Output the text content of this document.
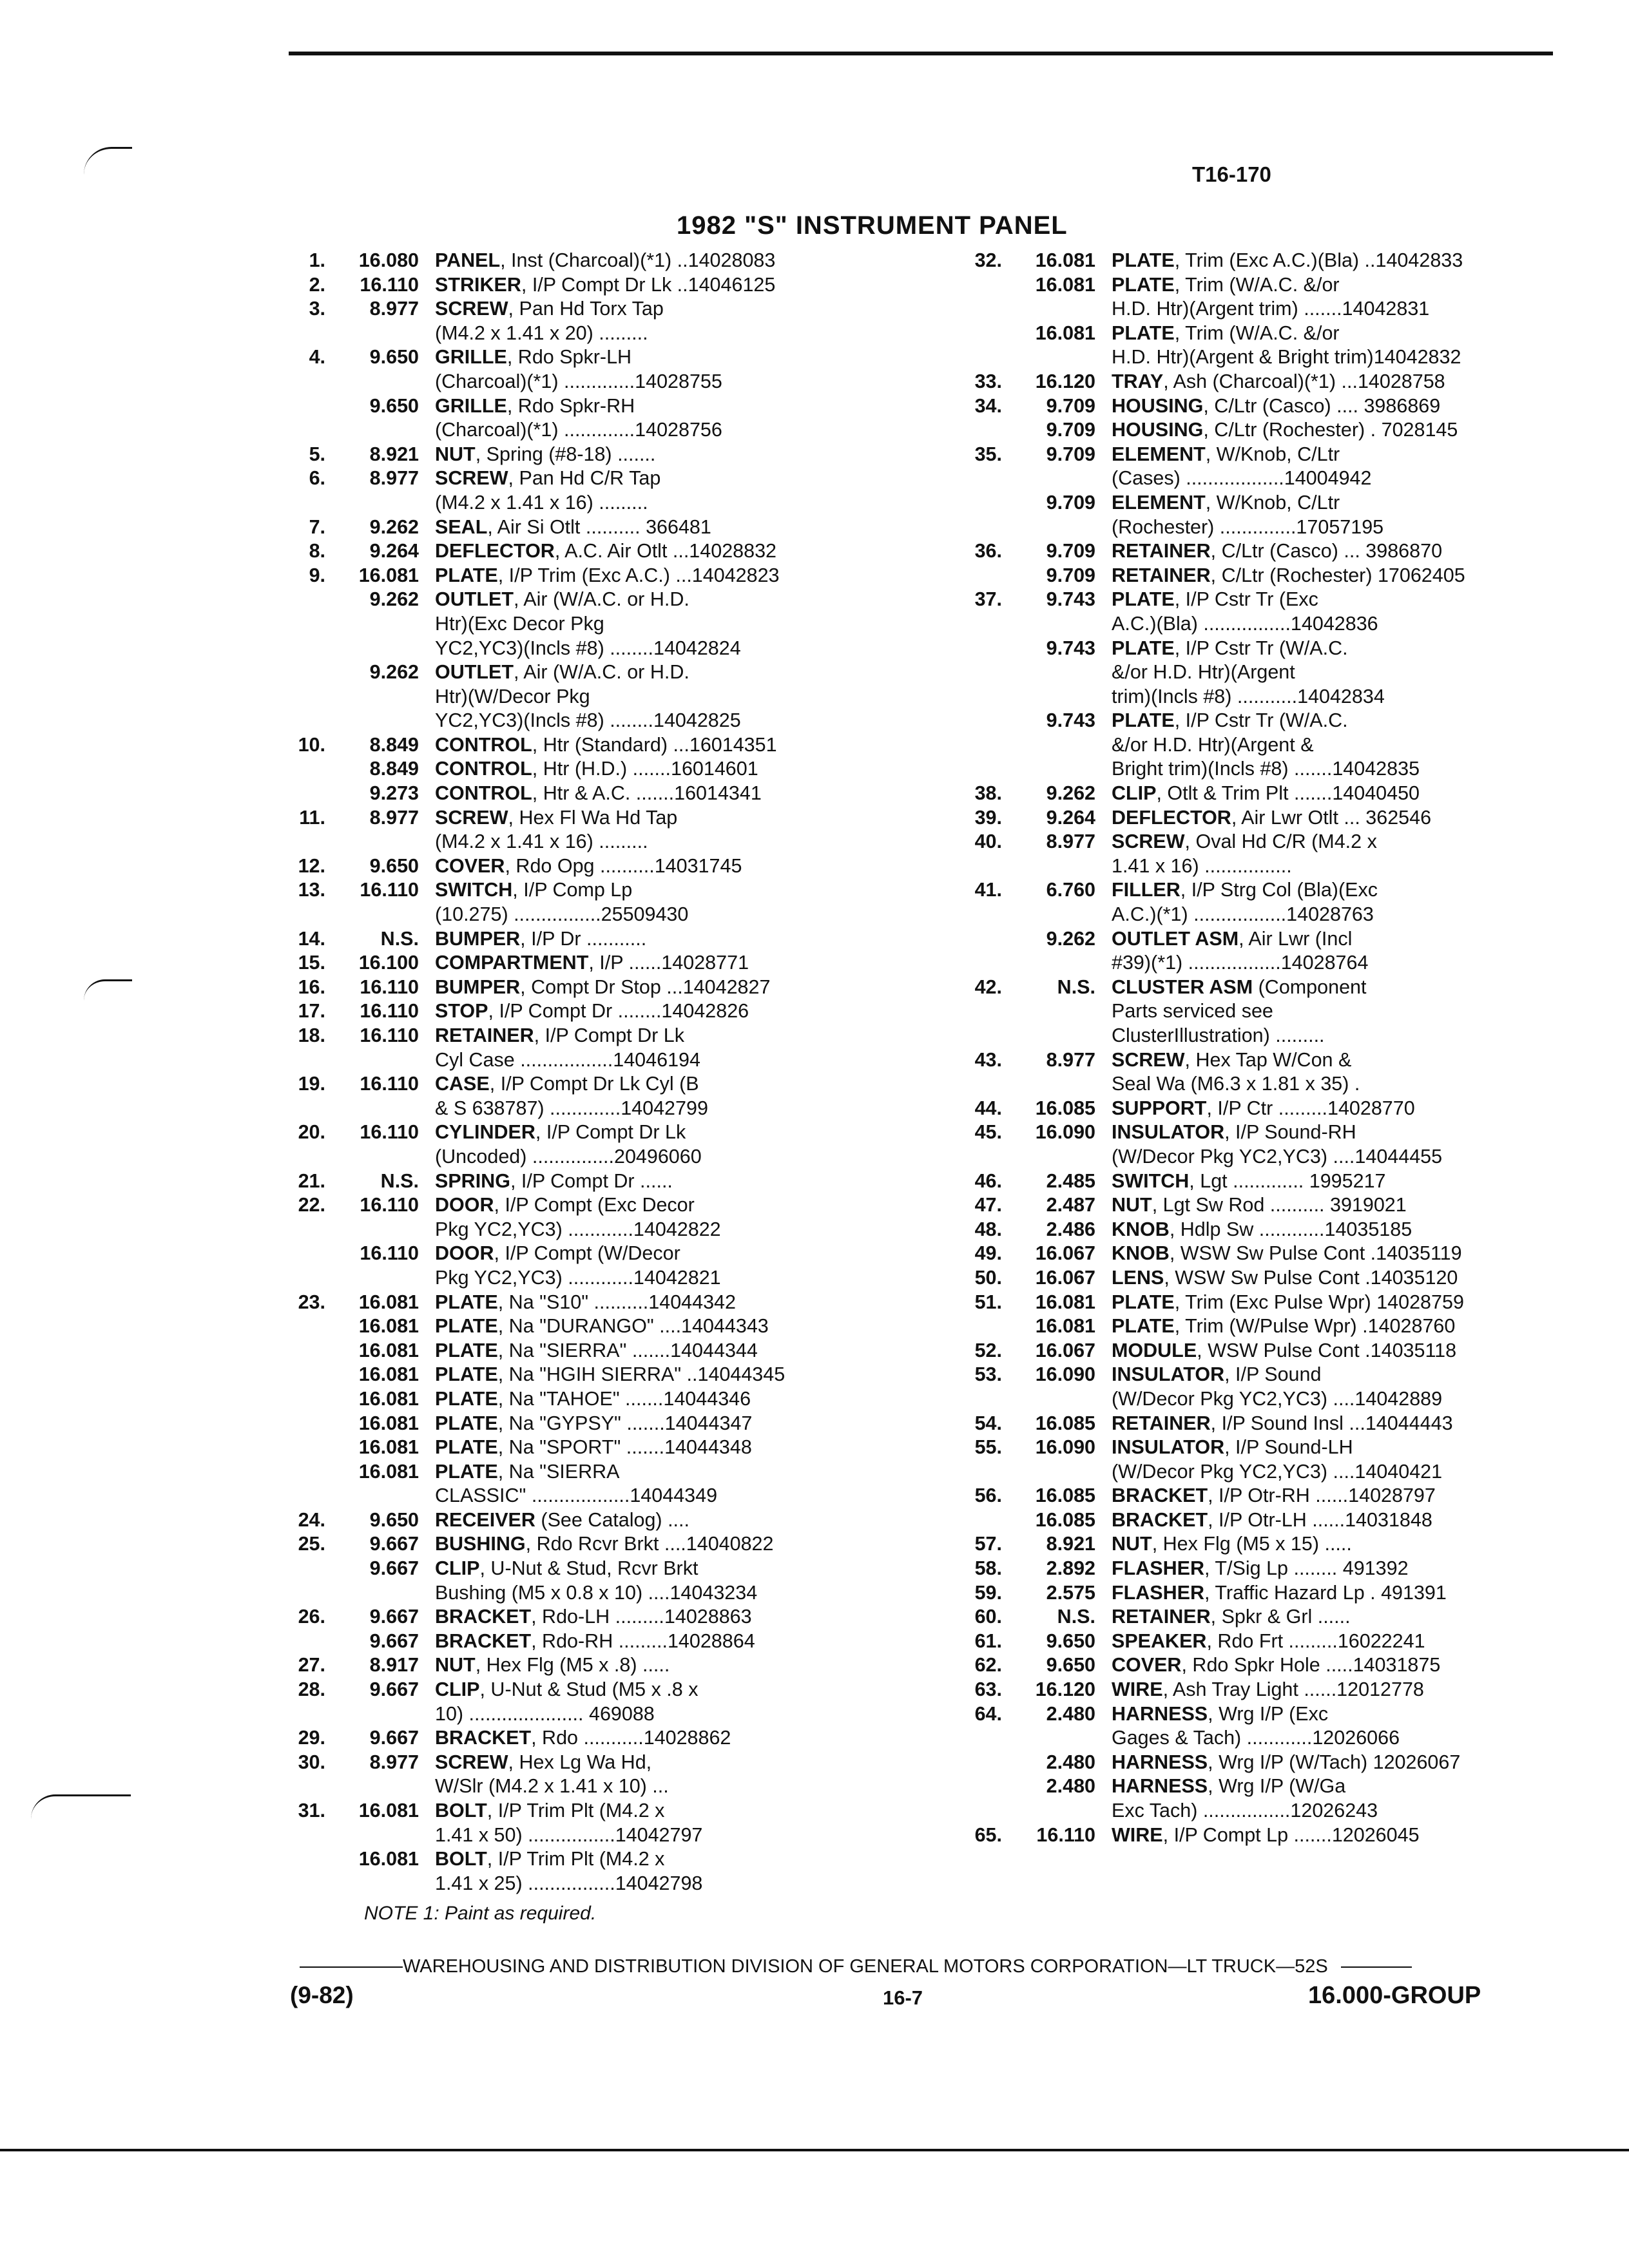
T16-170
1982 "S" INSTRUMENT PANEL
1.	16.080 PANEL, Inst (Charcoal)(*1) ..14028083
2.	16.110 STRIKER, I/P Compt Dr Lk ..14046125
3.	8.977 SCREW, Pan Hd Torx Tap
(M4.2 x 1.41 x 20) .........
4.	9.650 GRILLE, Rdo Spkr-LH
(Charcoal)(*1) .............14028755
9.650 GRILLE, Rdo Spkr-RH
(Charcoal)(*1) .............14028756
5.	8.921 NUT, Spring (#8-18) .......
6.	8.977 SCREW, Pan Hd C/R Tap
(M4.2 x 1.41 x 16) .........
7.	9.262 SEAL, Air Si Otlt .......... 366481
8.	9.264 DEFLECTOR, A.C. Air Otlt ...14028832
9.	16.081 PLATE, I/P Trim (Exc A.C.) ...14042823
9.262 OUTLET, Air (W/A.C. or H.D.
Htr)(Exc Decor Pkg
YC2,YC3)(Incls #8) ........14042824
9.262 OUTLET, Air (W/A.C. or H.D.
Htr)(W/Decor Pkg
YC2,YC3)(Incls #8) ........14042825
10.	8.849 CONTROL, Htr (Standard) ...16014351
8.849 CONTROL, Htr (H.D.) .......16014601
9.273 CONTROL, Htr & A.C. .......16014341
11.	8.977 SCREW, Hex Fl Wa Hd Tap
(M4.2 x 1.41 x 16) .........
12.	9.650 COVER, Rdo Opg ..........14031745
13.	16.110 SWITCH, I/P Comp Lp
(10.275) ................25509430
14.	N.S. BUMPER, I/P Dr ...........
15.	16.100 COMPARTMENT, I/P ......14028771
16.	16.110 BUMPER, Compt Dr Stop ...14042827
17.	16.110 STOP, I/P Compt Dr ........14042826
18.	16.110 RETAINER, I/P Compt Dr Lk
Cyl Case .................14046194
19.	16.110 CASE, I/P Compt Dr Lk Cyl (B
& S 638787) .............14042799
20.	16.110 CYLINDER, I/P Compt Dr Lk
(Uncoded) ...............20496060
21.	N.S. SPRING, I/P Compt Dr ......
22.	16.110 DOOR, I/P Compt (Exc Decor
Pkg YC2,YC3) ............14042822
16.110 DOOR, I/P Compt (W/Decor
Pkg YC2,YC3) ............14042821
23.	16.081 PLATE, Na "S10" ..........14044342
16.081 PLATE, Na "DURANGO" ....14044343
16.081 PLATE, Na "SIERRA" .......14044344
16.081 PLATE, Na "HGIH SIERRA" ..14044345
16.081 PLATE, Na "TAHOE" .......14044346
16.081 PLATE, Na "GYPSY" .......14044347
16.081 PLATE, Na "SPORT" .......14044348
16.081 PLATE, Na "SIERRA
CLASSIC" ..................14044349
24.	9.650 RECEIVER (See Catalog) ....
25.	9.667 BUSHING, Rdo Rcvr Brkt ....14040822
9.667 CLIP, U-Nut & Stud, Rcvr Brkt
Bushing (M5 x 0.8 x 10) ....14043234
26.	9.667 BRACKET, Rdo-LH .........14028863
9.667 BRACKET, Rdo-RH .........14028864
27.	8.917 NUT, Hex Flg (M5 x .8) .....
28.	9.667 CLIP, U-Nut & Stud (M5 x .8 x
10) ..................... 469088
29.	9.667 BRACKET, Rdo ...........14028862
30.	8.977 SCREW, Hex Lg Wa Hd,
W/Slr (M4.2 x 1.41 x 10) ...
31.	16.081 BOLT, I/P Trim Plt (M4.2 x
1.41 x 50) ................14042797
16.081 BOLT, I/P Trim Plt (M4.2 x
1.41 x 25) ................14042798
32.	16.081 PLATE, Trim (Exc A.C.)(Bla) ..14042833
16.081 PLATE, Trim (W/A.C. &/or
H.D. Htr)(Argent trim) .......14042831
16.081 PLATE, Trim (W/A.C. &/or
H.D. Htr)(Argent & Bright trim)14042832
33.	16.120 TRAY, Ash (Charcoal)(*1) ...14028758
34.	9.709 HOUSING, C/Ltr (Casco) .... 3986869
9.709 HOUSING, C/Ltr (Rochester) . 7028145
35.	9.709 ELEMENT, W/Knob, C/Ltr
(Cases) ..................14004942
9.709 ELEMENT, W/Knob, C/Ltr
(Rochester) ..............17057195
36.	9.709 RETAINER, C/Ltr (Casco) ... 3986870
9.709 RETAINER, C/Ltr (Rochester) 17062405
37.	9.743 PLATE, I/P Cstr Tr (Exc
A.C.)(Bla) ................14042836
9.743 PLATE, I/P Cstr Tr (W/A.C.
&/or H.D. Htr)(Argent
trim)(Incls #8) ...........14042834
9.743 PLATE, I/P Cstr Tr (W/A.C.
&/or H.D. Htr)(Argent &
Bright trim)(Incls #8) .......14042835
38.	9.262 CLIP, Otlt & Trim Plt .......14040450
39.	9.264 DEFLECTOR, Air Lwr Otlt ... 362546
40.	8.977 SCREW, Oval Hd C/R (M4.2 x
1.41 x 16) ................
41.	6.760 FILLER, I/P Strg Col (Bla)(Exc
A.C.)(*1) .................14028763
9.262 OUTLET ASM, Air Lwr (Incl
#39)(*1) .................14028764
42.	N.S. CLUSTER ASM (Component
Parts serviced see
ClusterIllustration) .........
43.	8.977 SCREW, Hex Tap W/Con &
Seal Wa (M6.3 x 1.81 x 35) .
44.	16.085 SUPPORT, I/P Ctr .........14028770
45.	16.090 INSULATOR, I/P Sound-RH
(W/Decor Pkg YC2,YC3) ....14044455
46.	2.485 SWITCH, Lgt ............. 1995217
47.	2.487 NUT, Lgt Sw Rod .......... 3919021
48.	2.486 KNOB, Hdlp Sw ............14035185
49.	16.067 KNOB, WSW Sw Pulse Cont .14035119
50.	16.067 LENS, WSW Sw Pulse Cont .14035120
51.	16.081 PLATE, Trim (Exc Pulse Wpr) 14028759
16.081 PLATE, Trim (W/Pulse Wpr) .14028760
52.	16.067 MODULE, WSW Pulse Cont .14035118
53.	16.090 INSULATOR, I/P Sound
(W/Decor Pkg YC2,YC3) ....14042889
54.	16.085 RETAINER, I/P Sound Insl ...14044443
55.	16.090 INSULATOR, I/P Sound-LH
(W/Decor Pkg YC2,YC3) ....14040421
56.	16.085 BRACKET, I/P Otr-RH ......14028797
16.085 BRACKET, I/P Otr-LH ......14031848
57.	8.921 NUT, Hex Flg (M5 x 15) .....
58.	2.892 FLASHER, T/Sig Lp ........ 491392
59.	2.575 FLASHER, Traffic Hazard Lp . 491391
60.	N.S. RETAINER, Spkr & Grl ......
61.	9.650 SPEAKER, Rdo Frt .........16022241
62.	9.650 COVER, Rdo Spkr Hole .....14031875
63.	16.120 WIRE, Ash Tray Light ......12012778
64.	2.480 HARNESS, Wrg I/P (Exc
Gages & Tach) ............12026066
2.480 HARNESS, Wrg I/P (W/Tach) 12026067
2.480 HARNESS, Wrg I/P (W/Ga
Exc Tach) ................12026243
65.	16.110 WIRE, I/P Compt Lp .......12026045
NOTE 1: Paint as required.
WAREHOUSING AND DISTRIBUTION DIVISION OF GENERAL MOTORS CORPORATION—LT TRUCK—52S
(9-82)	16-7	16.000-GROUP
